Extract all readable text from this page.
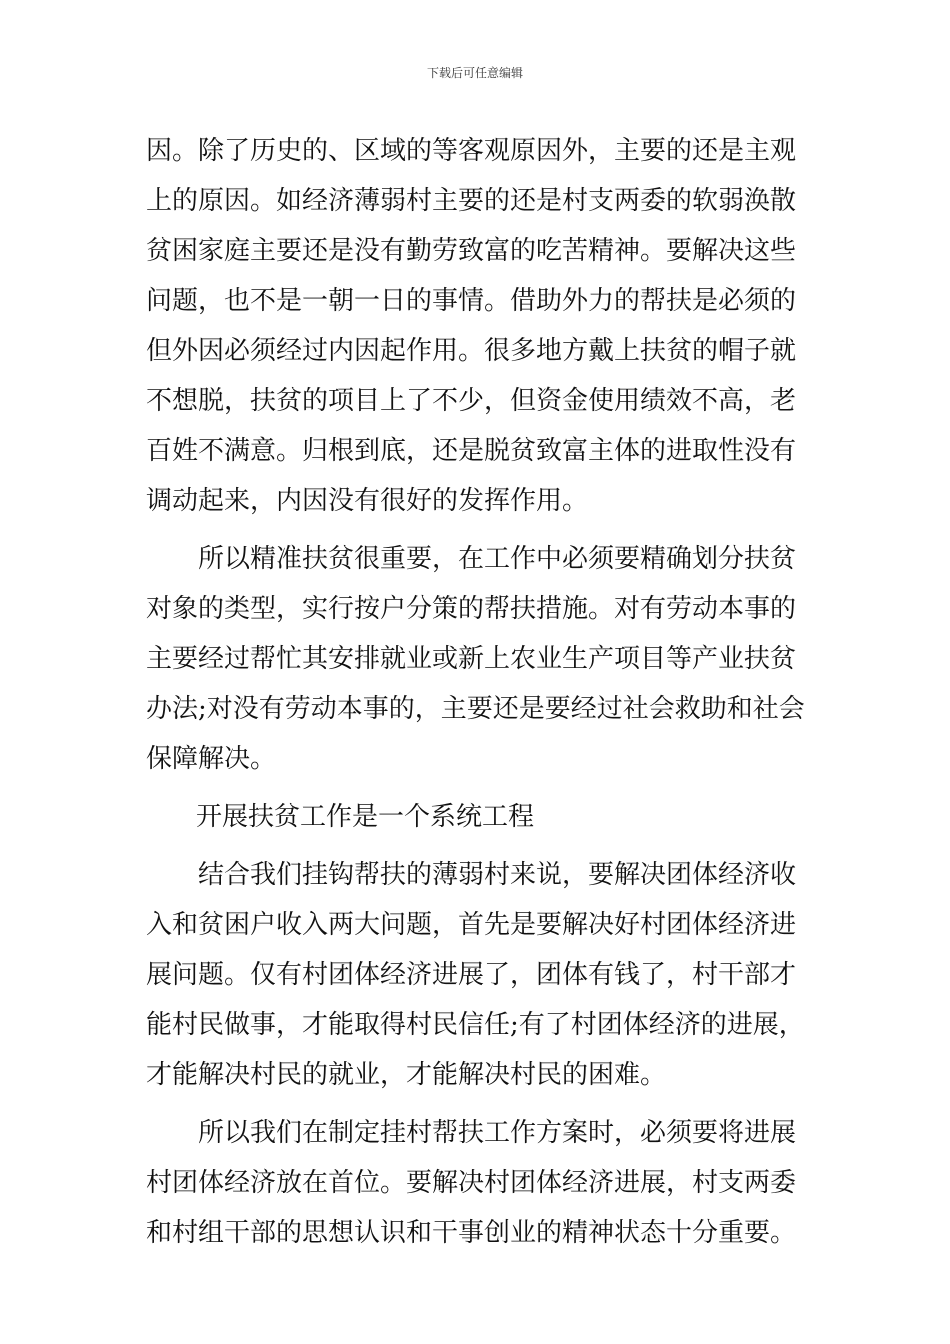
下载后可任意编辑
因。除了历史的、区域的等客观原因外，主要的还是主观
上的原因。如经济薄弱村主要的还是村支两委的软弱涣散
贫困家庭主要还是没有勤劳致富的吃苦精神。要解决这些
问题，也不是一朝一日的事情。借助外力的帮扶是必须的
但外因必须经过内因起作用。很多地方戴上扶贫的帽子就
不想脱，扶贫的项目上了不少，但资金使用绩效不高，老
百姓不满意。归根到底，还是脱贫致富主体的进取性没有
调动起来，内因没有很好的发挥作用。
所以精准扶贫很重要，在工作中必须要精确划分扶贫
对象的类型，实行按户分策的帮扶措施。对有劳动本事的
主要经过帮忙其安排就业或新上农业生产项目等产业扶贫
办法;对没有劳动本事的，主要还是要经过社会救助和社会
保障解决。
开展扶贫工作是一个系统工程
结合我们挂钩帮扶的薄弱村来说，要解决团体经济收
入和贫困户收入两大问题，首先是要解决好村团体经济进
展问题。仅有村团体经济进展了，团体有钱了，村干部才
能村民做事，才能取得村民信任;有了村团体经济的进展，
才能解决村民的就业，才能解决村民的困难。
所以我们在制定挂村帮扶工作方案时，必须要将进展
村团体经济放在首位。要解决村团体经济进展，村支两委
和村组干部的思想认识和干事创业的精神状态十分重要。
